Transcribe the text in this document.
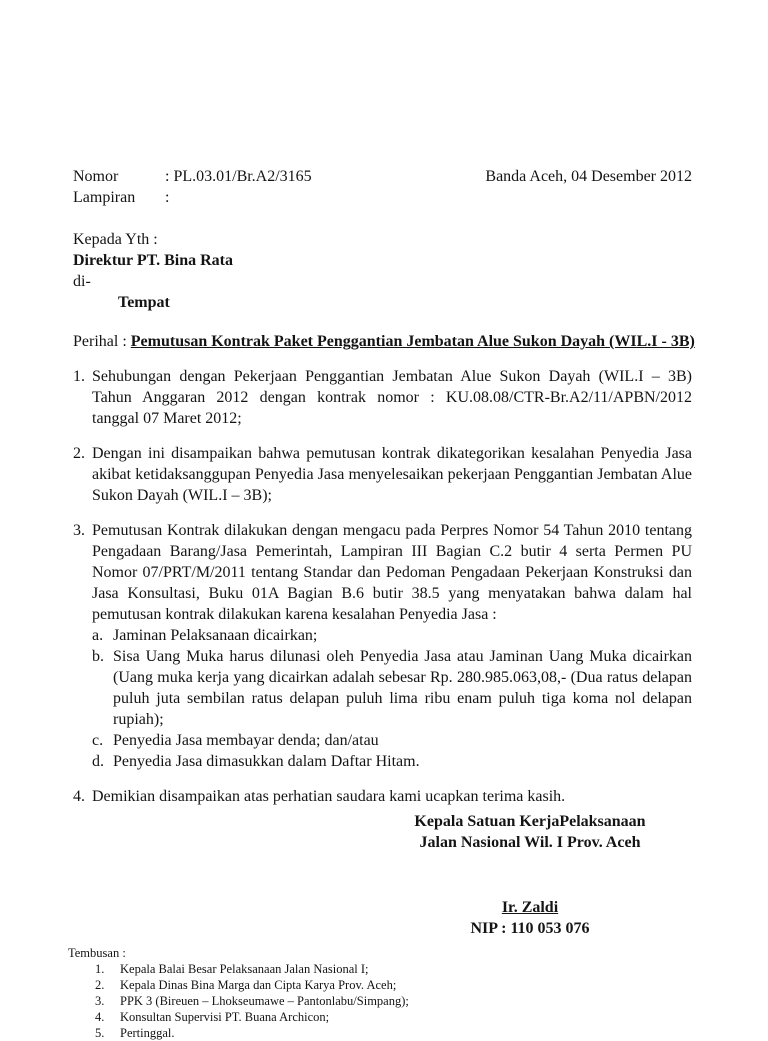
Nomor	: PL.03.01/Br.A2/3165	Banda Aceh, 04 Desember 2012
Lampiran :
Kepada Yth :
Direktur PT. Bina Rata
di-
Tempat
Perihal : Pemutusan Kontrak Paket Penggantian Jembatan Alue Sukon Dayah (WIL.I - 3B)
1. Sehubungan dengan Pekerjaan Penggantian Jembatan Alue Sukon Dayah (WIL.I – 3B) Tahun Anggaran 2012 dengan kontrak nomor : KU.08.08/CTR-Br.A2/11/APBN/2012 tanggal 07 Maret 2012;
2. Dengan ini disampaikan bahwa pemutusan kontrak dikategorikan kesalahan Penyedia Jasa akibat ketidaksanggupan Penyedia Jasa menyelesaikan pekerjaan Penggantian Jembatan Alue Sukon Dayah (WIL.I – 3B);
3. Pemutusan Kontrak dilakukan dengan mengacu pada Perpres Nomor 54 Tahun 2010 tentang Pengadaan Barang/Jasa Pemerintah, Lampiran III Bagian C.2 butir 4 serta Permen PU Nomor 07/PRT/M/2011 tentang Standar dan Pedoman Pengadaan Pekerjaan Konstruksi dan Jasa Konsultasi, Buku 01A Bagian B.6 butir 38.5 yang menyatakan bahwa dalam hal pemutusan kontrak dilakukan karena kesalahan Penyedia Jasa :
a. Jaminan Pelaksanaan dicairkan;
b. Sisa Uang Muka harus dilunasi oleh Penyedia Jasa atau Jaminan Uang Muka dicairkan (Uang muka kerja yang dicairkan adalah sebesar Rp. 280.985.063,08,- (Dua ratus delapan puluh juta sembilan ratus delapan puluh lima ribu enam puluh tiga koma nol delapan rupiah);
c. Penyedia Jasa membayar denda; dan/atau
d. Penyedia Jasa dimasukkan dalam Daftar Hitam.
4. Demikian disampaikan atas perhatian saudara kami ucapkan terima kasih.
Kepala Satuan KerjaPelaksanaan
Jalan Nasional Wil. I Prov. Aceh
Ir. Zaldi
NIP : 110 053 076
Tembusan :
1.	Kepala Balai Besar Pelaksanaan Jalan Nasional I;
2.	Kepala Dinas Bina Marga dan Cipta Karya Prov. Aceh;
3.	PPK 3 (Bireuen – Lhokseumawe – Pantonlabu/Simpang);
4.	Konsultan Supervisi PT. Buana Archicon;
5.	Pertinggal.
